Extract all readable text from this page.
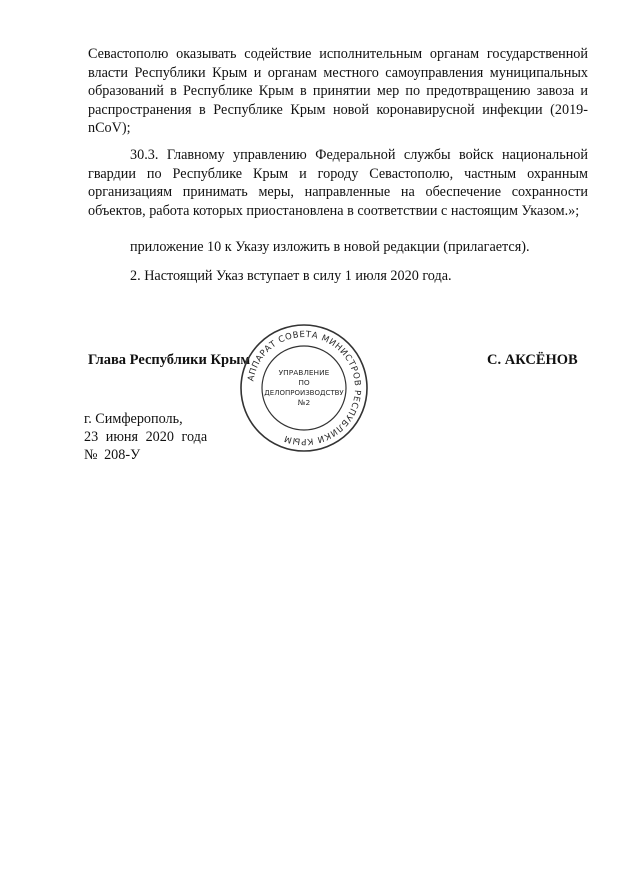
Севастополю оказывать содействие исполнительным органам государственной власти Республики Крым и органам местного самоуправления муниципальных образований в Республике Крым в принятии мер по предотвращению завоза и распространения в Республике Крым новой коронавирусной инфекции (2019-nCoV);
30.3. Главному управлению Федеральной службы войск национальной гвардии по Республике Крым и городу Севастополю, частным охранным организациям принимать меры, направленные на обеспечение сохранности объектов, работа которых приостановлена в соответствии с настоящим Указом.»;
приложение 10 к Указу изложить в новой редакции (прилагается).
2. Настоящий Указ вступает в силу 1 июля 2020 года.
Глава Республики Крым	С. АКСЁНОВ
АППАРАТ СОВЕТА МИНИСТРОВ РЕСПУБЛИКИ КРЫМ
УПРАВЛЕНИЕ
ПО
ДЕЛОПРОИЗВОДСТВУ
№2
г. Симферополь,
23 июня 2020 года
№ 208-У
